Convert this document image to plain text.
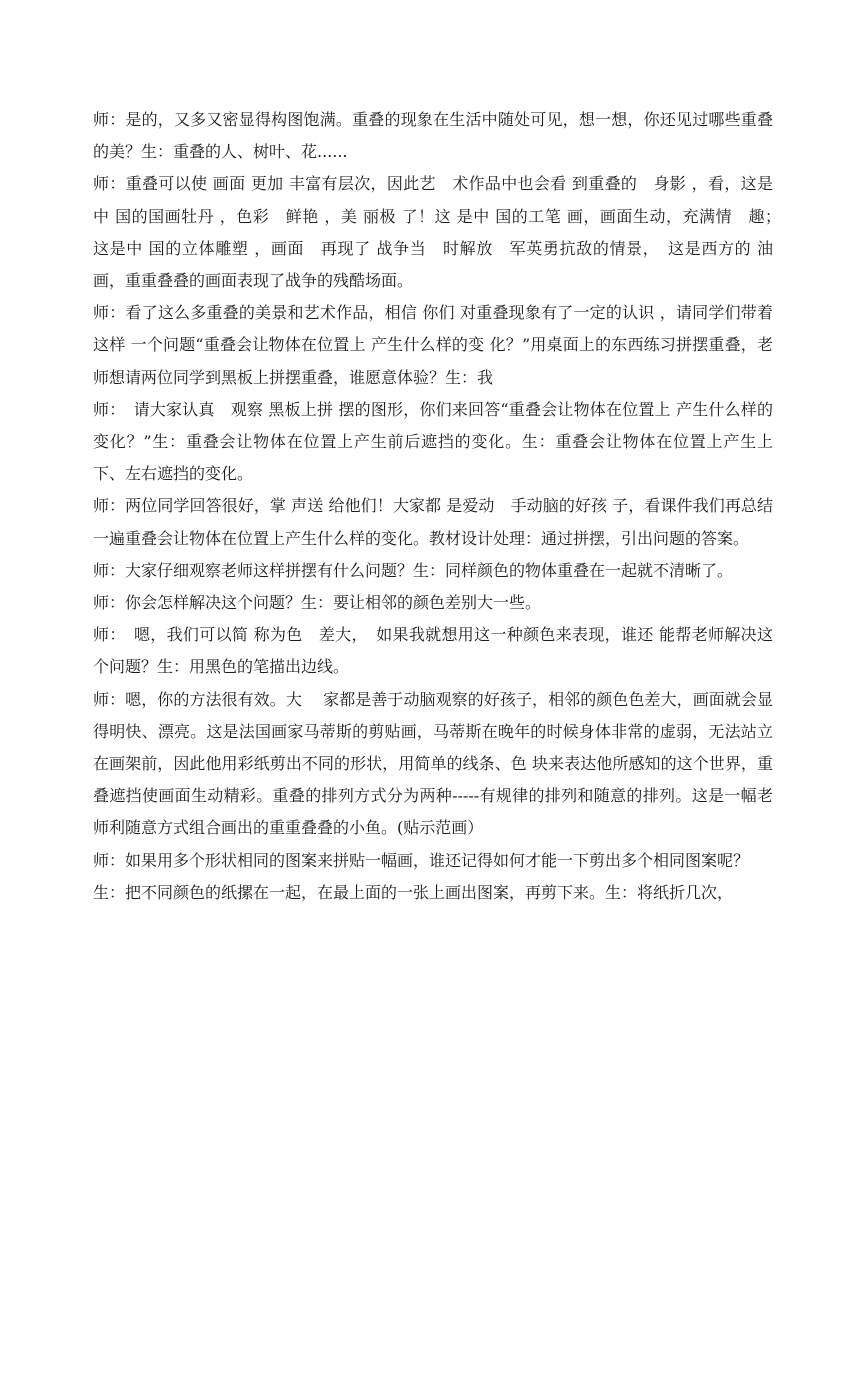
师：是的，又多又密显得构图饱满。重叠的现象在生活中随处可见，想一想，你还见过哪些重叠的美？生：重叠的人、树叶、花......

师：重叠可以使 画面 更加 丰富有层次，因此艺　术作品中也会看 到重叠的　身影 ，看，这是中 国的国画牡丹 ，色彩　鲜艳 ，美 丽极 了！这 是中 国的工笔 画，画面生动，充满情　趣；　这是中 国的立体雕塑 ，画面　再现了 战争当　时解放　军英勇抗敌的情景，　这是西方的 油画，重重叠叠的画面表现了战争的残酷场面。

师：看了这么多重叠的美景和艺术作品，相信 你们 对重叠现象有了一定的认识 ，请同学们带着这样 一个问题“重叠会让物体在位置上 产生什么样的变 化？”用桌面上的东西练习拼摆重叠，老师想请两位同学到黑板上拼摆重叠，谁愿意体验？生：我

师：　请大家认真　观察 黑板上拼 摆的图形，你们来回答“重叠会让物体在位置上 产生什么样的变化？”生：重叠会让物体在位置上产生前后遮挡的变化。生：重叠会让物体在位置上产生上下、左右遮挡的变化。

师：两位同学回答很好，掌 声送 给他们！大家都 是爱动　手动脑的好孩 子，看课件我们再总结　一遍重叠会让物体在位置上产生什么样的变化。教材设计处理：通过拼摆，引出问题的答案。

师：大家仔细观察老师这样拼摆有什么问题？生：同样颜色的物体重叠在一起就不清晰了。

师：你会怎样解决这个问题？生：要让相邻的颜色差别大一些。

师：　嗯，我们可以简 称为色　差大，　如果我就想用这一种颜色来表现，谁还 能帮老师解决这个问题？生：用黑色的笔描出边线。

师：嗯，你的方法很有效。大　 家都是善于动脑观察的好孩子，相邻的颜色色差大，画面就会显得明快、漂亮。这是法国画家马蒂斯的剪贴画，马蒂斯在晚年的时候身体非常的虚弱，无法站立在画架前，因此他用彩纸剪出不同的形状，用简单的线条、色 块来表达他所感知的这个世界，重叠遮挡使画面生动精彩。重叠的排列方式分为两种-----有规律的排列和随意的排列。这是一幅老师利随意方式组合画出的重重叠叠的小鱼。(贴示范画）

师：如果用多个形状相同的图案来拼贴一幅画，谁还记得如何才能一下剪出多个相同图案呢？

生：把不同颜色的纸摞在一起，在最上面的一张上画出图案，再剪下来。生：将纸折几次，
